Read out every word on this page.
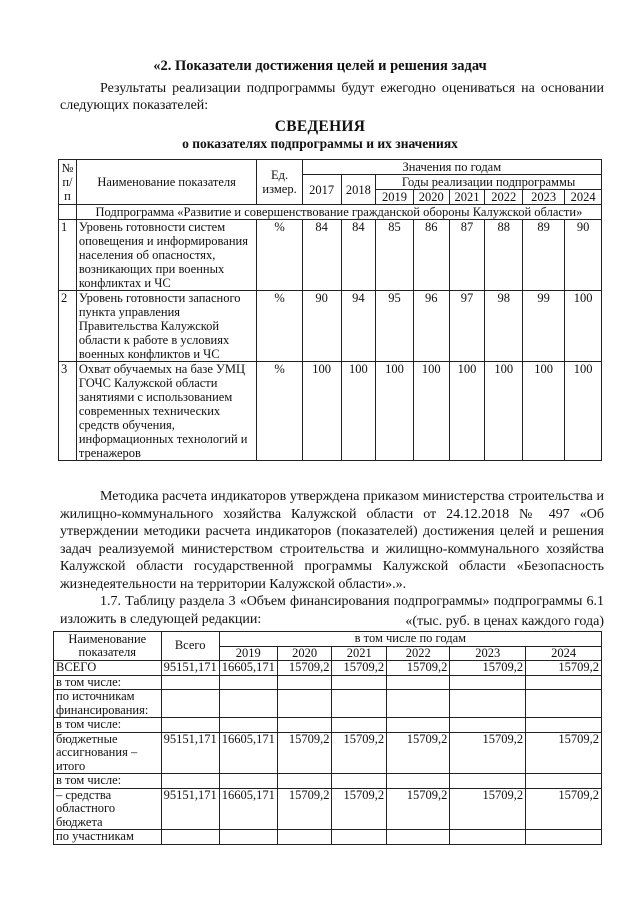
«2. Показатели достижения целей и решения задач
Результаты реализации подпрограммы будут ежегодно оцениваться на основании следующих показателей:
СВЕДЕНИЯ
о показателях подпрограммы и их значениях
№ п/п	Наименование показателя	Ед. измер.	Значения по годам							
			2017	2018	Годы реализации подпрограммы					
					2019	2020	2021	2022	2023	2024
	Подпрограмма «Развитие и совершенствование гражданской обороны Калужской области»									
1	Уровень готовности систем оповещения и информирования населения об опасностях, возникающих при военных конфликтах и ЧС	%	84	84	85	86	87	88	89	90
2	Уровень готовности запасного пункта управления Правительства Калужской области к работе в условиях военных конфликтов и ЧС	%	90	94	95	96	97	98	99	100
3	Охват обучаемых на базе УМЦ ГОЧС Калужской области занятиями с использованием современных технических средств обучения, информационных технологий и тренажеров	%	100	100	100	100	100	100	100	100
Методика расчета индикаторов утверждена приказом министерства строительства и жилищно-коммунального хозяйства Калужской области от 24.12.2018 № 497 «Об утверждении методики расчета индикаторов (показателей) достижения целей и решения задач реализуемой министерством строительства и жилищно-коммунального хозяйства Калужской области государственной программы Калужской области «Безопасность жизнедеятельности на территории Калужской области».».
1.7. Таблицу раздела 3 «Объем финансирования подпрограммы» подпрограммы 6.1 изложить в следующей редакции:	«(тыс. руб. в ценах каждого года)
Наименование показателя	Всего	в том числе по годам					
		2019	2020	2021	2022	2023	2024
ВСЕГО	95151,171	16605,171	15709,2	15709,2	15709,2	15709,2	15709,2
в том числе:							
по источникам финансирования:							
в том числе:							
бюджетные ассигнования – итого	95151,171	16605,171	15709,2	15709,2	15709,2	15709,2	15709,2
в том числе:							
– средства областного бюджета	95151,171	16605,171	15709,2	15709,2	15709,2	15709,2	15709,2
по участникам							
